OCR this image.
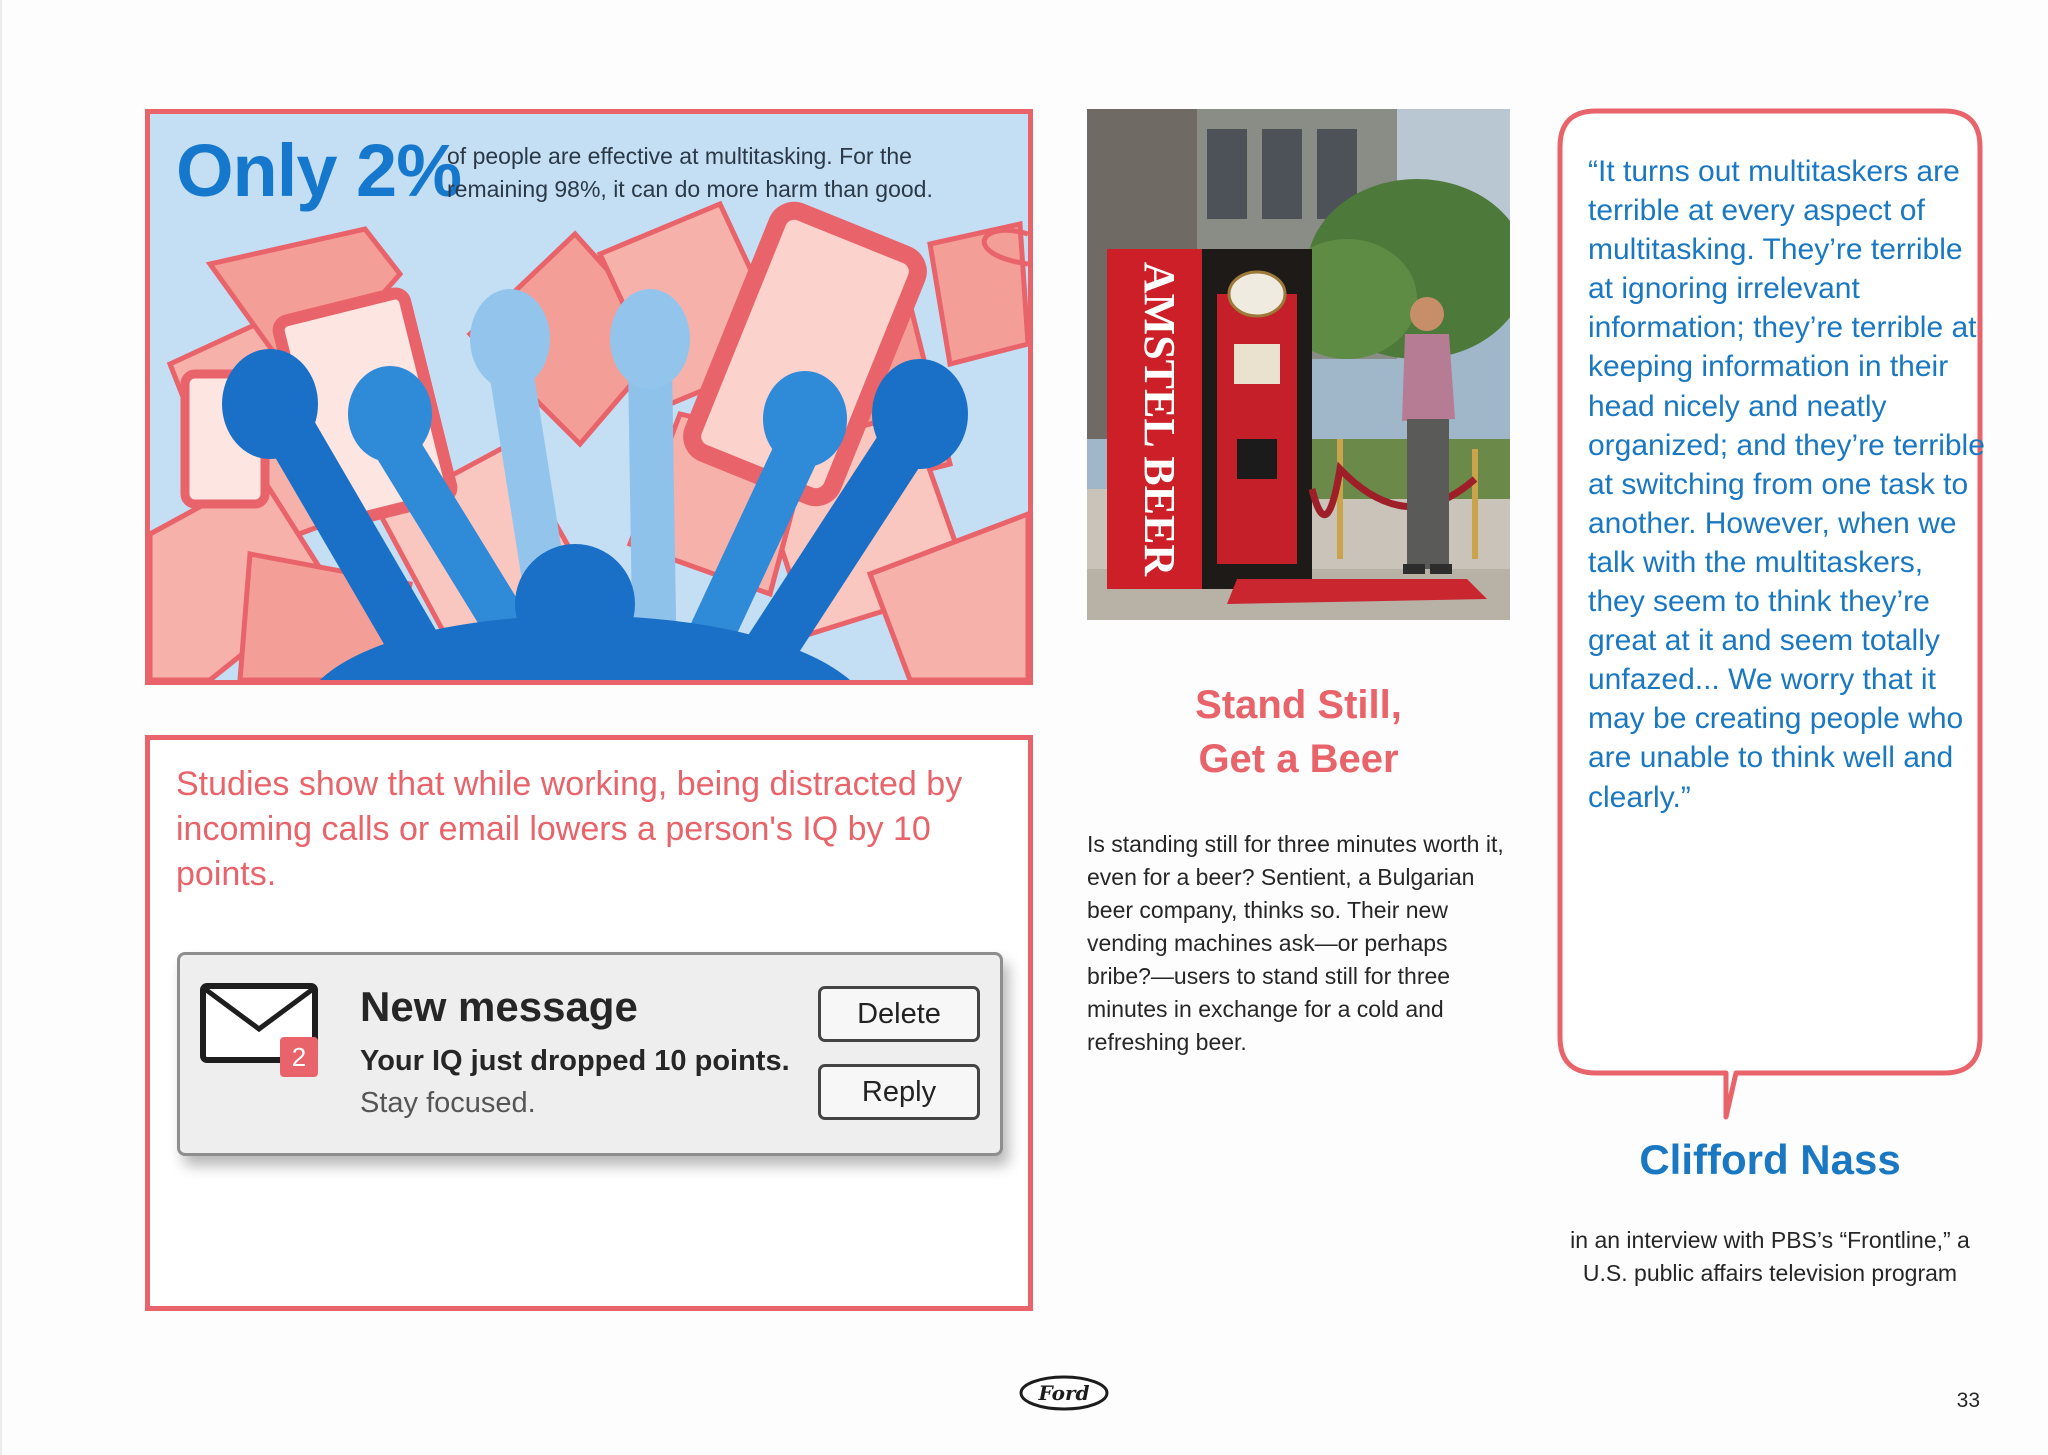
Only 2%
of people are effective at multitasking. For the remaining 98%, it can do more harm than good.
Studies show that while working, being distracted by incoming calls or email lowers a person's IQ by 10 points.
2
New message
Your IQ just dropped 10 points.
Stay focused.
Delete
Reply
AMSTEL BEER
Stand Still,
Get a Beer
Is standing still for three minutes worth it, even for a beer? Sentient, a Bulgarian beer company, thinks so. Their new vending machines ask—or perhaps bribe?—users to stand still for three minutes in exchange for a cold and refreshing beer.
“It turns out multitaskers are terrible at every aspect of multitasking. They’re terrible at ignoring irrelevant information; they’re terrible at keeping information in their head nicely and neatly organized; and they’re terrible at switching from one task to another. However, when we talk with the multitaskers, they seem to think they’re great at it and seem totally unfazed... We worry that it may be creating people who are unable to think well and clearly.”
Clifford Nass
in an interview with PBS’s “Frontline,” a U.S. public affairs television program
Ford	33
